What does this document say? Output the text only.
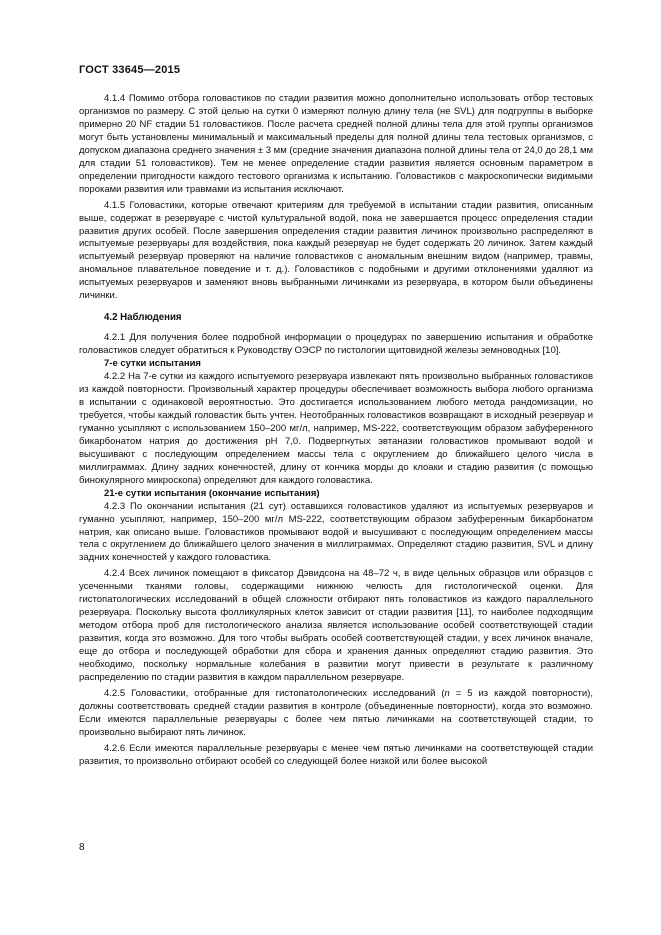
ГОСТ 33645—2015

4.1.4 Помимо отбора головастиков по стадии развития можно дополнительно использовать отбор тестовых организмов по размеру. С этой целью на сутки 0 измеряют полную длину тела (не SVL) для подгруппы в выборке примерно 20 NF стадии 51 головастиков. После расчета средней полной длины тела для этой группы организмов могут быть установлены минимальный и максимальный пределы для полной длины тела тестовых организмов, с допуском диапазона среднего значения ± 3 мм (средние значения диапазона полной длины тела от 24,0 до 28,1 мм для стадии 51 головастиков). Тем не менее определение стадии развития является основным параметром в определении пригодности каждого тестового организма к испытанию. Головастиков с макроскопически видимыми пороками развития или травмами из испытания исключают.

4.1.5 Головастики, которые отвечают критериям для требуемой в испытании стадии развития, описанным выше, содержат в резервуаре с чистой культуральной водой, пока не завершается процесс определения стадии развития других особей. После завершения определения стадии развития личинок произвольно распределяют в испытуемые резервуары для воздействия, пока каждый резервуар не будет содержать 20 личинок. Затем каждый испытуемый резервуар проверяют на наличие головастиков с аномальным внешним видом (например, травмы, аномальное плавательное поведение и т. д.). Головастиков с подобными и другими отклонениями удаляют из испытуемых резервуаров и заменяют вновь выбранными личинками из резервуара, в котором были объединены личинки.

4.2 Наблюдения

4.2.1 Для получения более подробной информации о процедурах по завершению испытания и обработке головастиков следует обратиться к Руководству ОЭСР по гистологии щитовидной железы земноводных [10].

7-е сутки испытания

4.2.2 На 7-е сутки из каждого испытуемого резервуара извлекают пять произвольно выбранных головастиков из каждой повторности. Произвольный характер процедуры обеспечивает возможность выбора любого организма в испытании с одинаковой вероятностью. Это достигается использованием любого метода рандомизации, но требуется, чтобы каждый головастик быть учтен. Неотобранных головастиков возвращают в исходный резервуар и гуманно усыпляют с использованием 150–200 мг/л, например, MS-222, соответствующим образом забуференного бикарбонатом натрия до достижения pH 7,0. Подвергнутых эвтаназии головастиков промывают водой и высушивают с последующим определением массы тела с округлением до ближайшего целого числа в миллиграммах. Длину задних конечностей, длину от кончика морды до клоаки и стадию развития (с помощью бинокулярного микроскопа) определяют для каждого головастика.

21-е сутки испытания (окончание испытания)

4.2.3 По окончании испытания (21 сут) оставшихся головастиков удаляют из испытуемых резервуаров и гуманно усыпляют, например, 150–200 мг/л MS-222, соответствующим образом забуференным бикарбонатом натрия, как описано выше. Головастиков промывают водой и высушивают с последующим определением массы тела с округлением до ближайшего целого значения в миллиграммах. Определяют стадию развития, SVL и длину задних конечностей у каждого головастика.

4.2.4 Всех личинок помещают в фиксатор Дэвидсона на 48–72 ч, в виде цельных образцов или образцов с усеченными тканями головы, содержащими нижнюю челюсть для гистологической оценки. Для гистопатологических исследований в общей сложности отбирают пять головастиков из каждого параллельного резервуара. Поскольку высота фолликулярных клеток зависит от стадии развития [11], то наиболее подходящим методом отбора проб для гистологического анализа является использование особей соответствующей стадии развития, когда это возможно. Для того чтобы выбрать особей соответствующей стадии, у всех личинок вначале, еще до отбора и последующей обработки для сбора и хранения данных определяют стадию развития. Это необходимо, поскольку нормальные колебания в развитии могут привести в результате к различному распределению по стадии развития в каждом параллельном резервуаре.

4.2.5 Головастики, отобранные для гистопатологических исследований (n = 5 из каждой повторности), должны соответствовать средней стадии развития в контроле (объединенные повторности), когда это возможно. Если имеются параллельные резервуары с более чем пятью личинками на соответствующей стадии, то произвольно выбирают пять личинок.

4.2.6 Если имеются параллельные резервуары с менее чем пятью личинками на соответствующей стадии развития, то произвольно отбирают особей со следующей более низкой или более высокой

8
